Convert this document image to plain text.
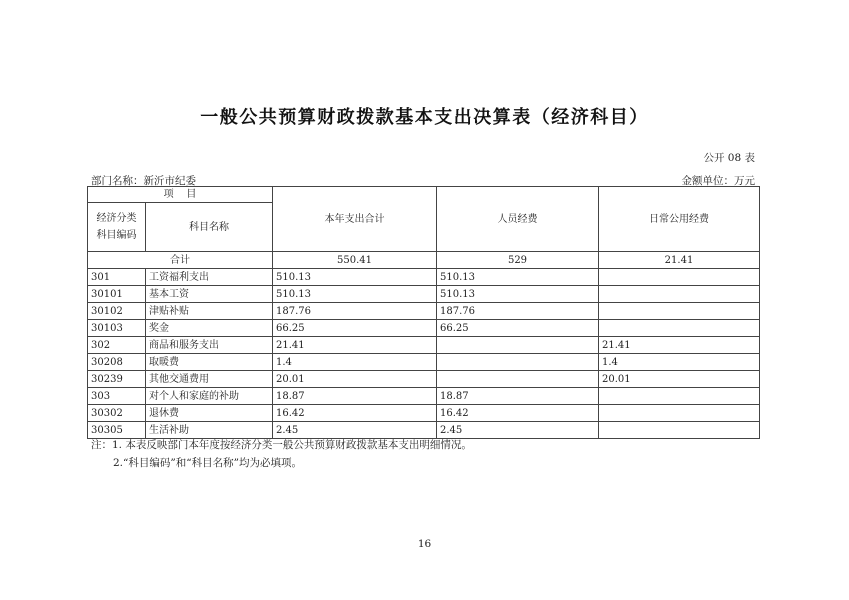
一般公共预算财政拨款基本支出决算表（经济科目）
公开 08 表
部门名称：新沂市纪委	金额单位：万元
项    目		本年支出合计	人员经费	日常公用经费
经济分类 科目编码	科目名称			
合计		550.41	529	21.41
301	工资福利支出	510.13	510.13	
30101	基本工资	510.13	510.13	
30102	津贴补贴	187.76	187.76	
30103	奖金	66.25	66.25	
302	商品和服务支出	21.41		21.41
30208	取暖费	1.4		1.4
30239	其他交通费用	20.01		20.01
303	对个人和家庭的补助	18.87	18.87	
30302	退休费	16.42	16.42	
30305	生活补助	2.45	2.45	
注：1. 本表反映部门本年度按经济分类一般公共预算财政拨款基本支出明细情况。
2.“科目编码”和“科目名称”均为必填项。
16
